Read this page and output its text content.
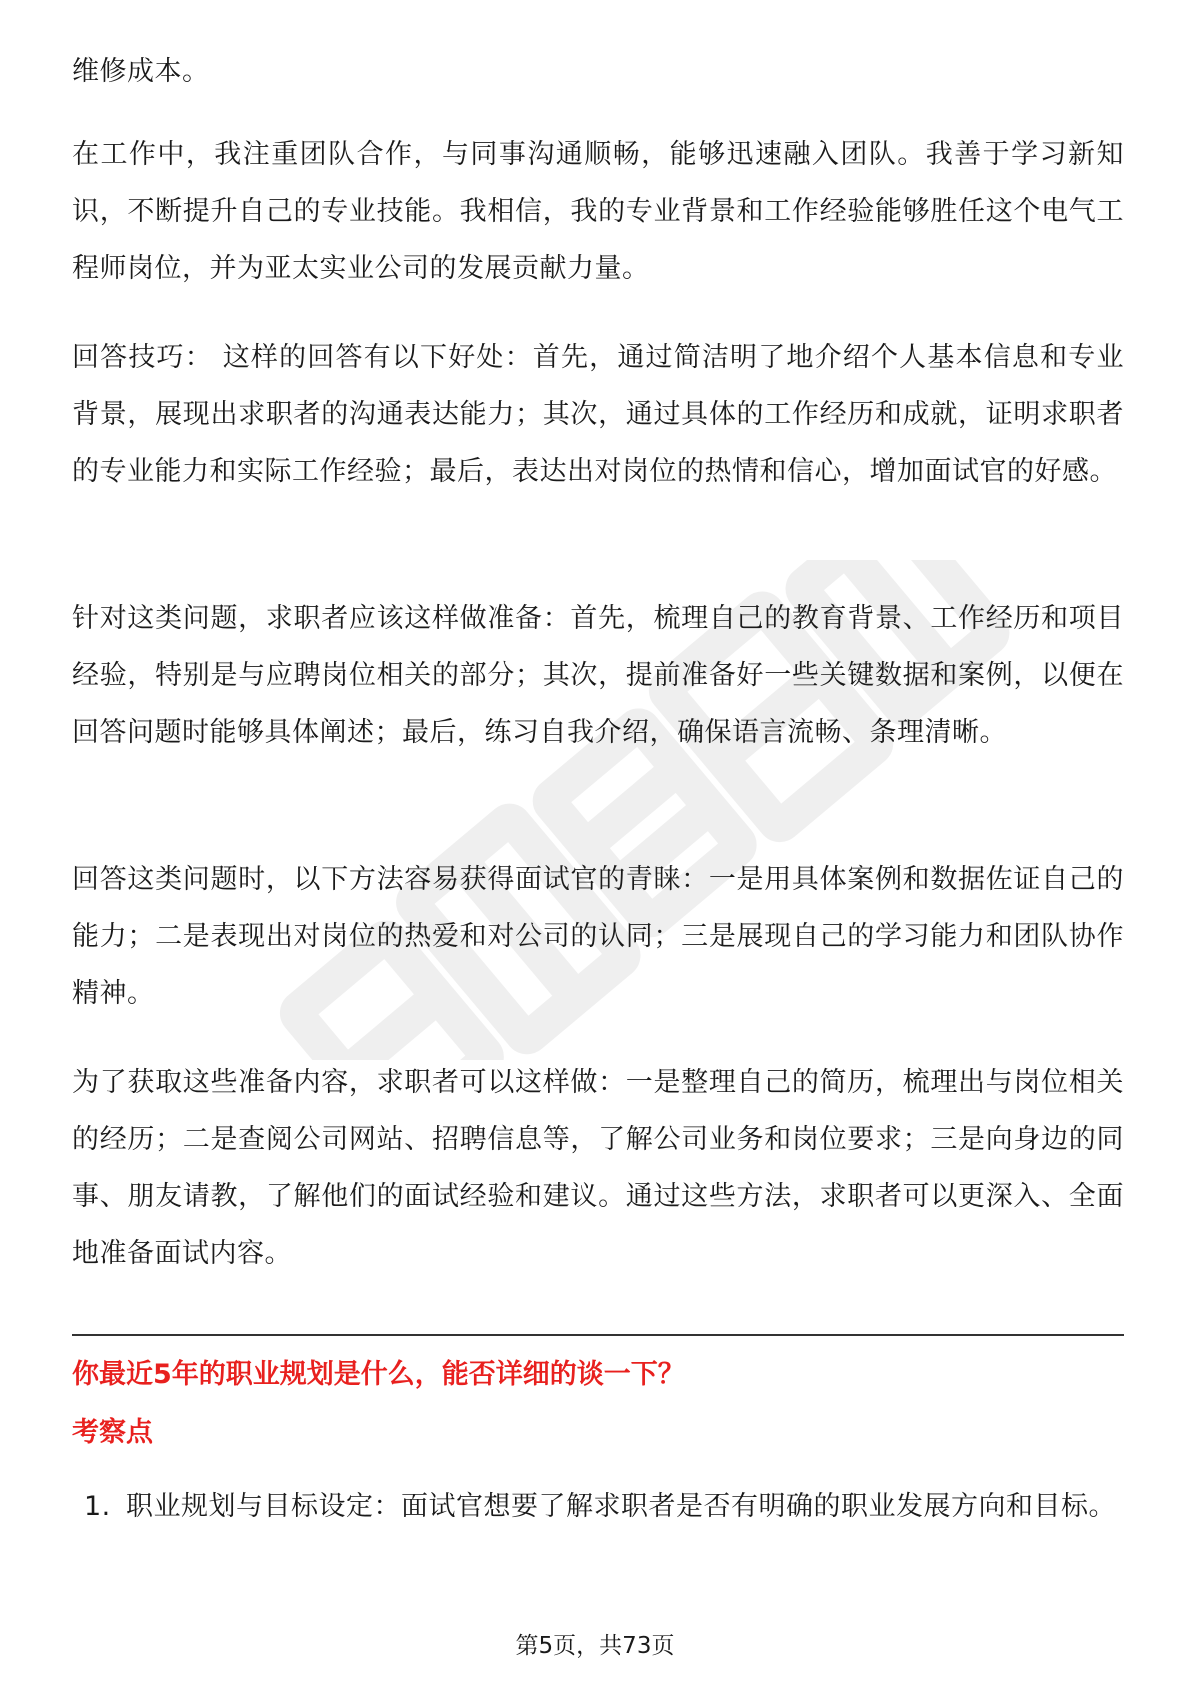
维修成本。

在工作中，我注重团队合作，与同事沟通顺畅，能够迅速融入团队。我善于学习新知识，不断提升自己的专业技能。我相信，我的专业背景和工作经验能够胜任这个电气工程师岗位，并为亚太实业公司的发展贡献力量。

回答技巧： 这样的回答有以下好处：首先，通过简洁明了地介绍个人基本信息和专业背景，展现出求职者的沟通表达能力；其次，通过具体的工作经历和成就，证明求职者的专业能力和实际工作经验；最后，表达出对岗位的热情和信心，增加面试官的好感。

针对这类问题，求职者应该这样做准备：首先，梳理自己的教育背景、工作经历和项目经验，特别是与应聘岗位相关的部分；其次，提前准备好一些关键数据和案例，以便在回答问题时能够具体阐述；最后，练习自我介绍，确保语言流畅、条理清晰。

回答这类问题时，以下方法容易获得面试官的青睐：一是用具体案例和数据佐证自己的能力；二是表现出对岗位的热爱和对公司的认同；三是展现自己的学习能力和团队协作精神。

为了获取这些准备内容，求职者可以这样做：一是整理自己的简历，梳理出与岗位相关的经历；二是查阅公司网站、招聘信息等，了解公司业务和岗位要求；三是向身边的同事、朋友请教，了解他们的面试经验和建议。通过这些方法，求职者可以更深入、全面地准备面试内容。

你最近5年的职业规划是什么，能否详细的谈一下？
考察点
1. 职业规划与目标设定：面试官想要了解求职者是否有明确的职业发展方向和目标。
第5页，共73页
